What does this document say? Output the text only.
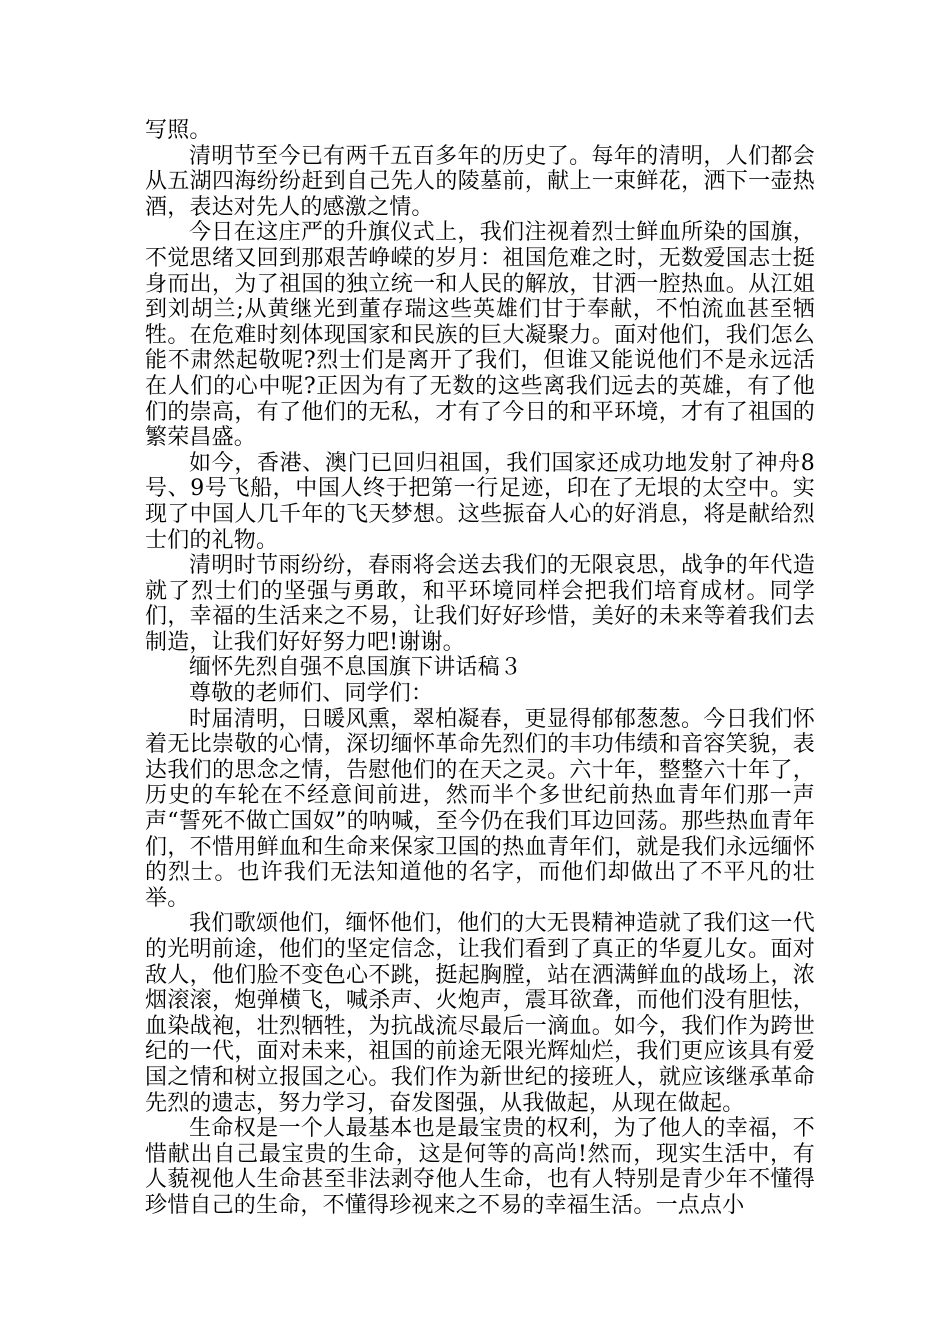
写照。

清明节至今已有两千五百多年的历史了。每年的清明，人们都会从五湖四海纷纷赶到自己先人的陵墓前，献上一束鲜花，洒下一壶热酒，表达对先人的感激之情。

今日在这庄严的升旗仪式上，我们注视着烈士鲜血所染的国旗，不觉思绪又回到那艰苦峥嵘的岁月：祖国危难之时，无数爱国志士挺身而出，为了祖国的独立统一和人民的解放，甘洒一腔热血。从江姐到刘胡兰;从黄继光到董存瑞这些英雄们甘于奉献，不怕流血甚至牺牲。在危难时刻体现国家和民族的巨大凝聚力。面对他们，我们怎么能不肃然起敬呢?烈士们是离开了我们，但谁又能说他们不是永远活在人们的心中呢?正因为有了无数的这些离我们远去的英雄，有了他们的崇高，有了他们的无私，才有了今日的和平环境，才有了祖国的繁荣昌盛。

如今，香港、澳门已回归祖国，我们国家还成功地发射了神舟8号、9号飞船，中国人终于把第一行足迹，印在了无垠的太空中。实现了中国人几千年的飞天梦想。这些振奋人心的好消息，将是献给烈士们的礼物。

清明时节雨纷纷，春雨将会送去我们的无限哀思，战争的年代造就了烈士们的坚强与勇敢，和平环境同样会把我们培育成材。同学们，幸福的生活来之不易，让我们好好珍惜，美好的未来等着我们去制造，让我们好好努力吧!谢谢。

缅怀先烈自强不息国旗下讲话稿３

尊敬的老师们、同学们：

时届清明，日暖风熏，翠柏凝春，更显得郁郁葱葱。今日我们怀着无比崇敬的心情，深切缅怀革命先烈们的丰功伟绩和音容笑貌，表达我们的思念之情，告慰他们的在天之灵。六十年，整整六十年了，历史的车轮在不经意间前进，然而半个多世纪前热血青年们那一声声“誓死不做亡国奴”的呐喊，至今仍在我们耳边回荡。那些热血青年们，不惜用鲜血和生命来保家卫国的热血青年们，就是我们永远缅怀的烈士。也许我们无法知道他的名字，而他们却做出了不平凡的壮举。

我们歌颂他们，缅怀他们，他们的大无畏精神造就了我们这一代的光明前途，他们的坚定信念，让我们看到了真正的华夏儿女。面对敌人，他们脸不变色心不跳，挺起胸膛，站在洒满鲜血的战场上，浓烟滚滚，炮弹横飞，喊杀声、火炮声，震耳欲聋，而他们没有胆怯，血染战袍，壮烈牺牲，为抗战流尽最后一滴血。如今，我们作为跨世纪的一代，面对未来，祖国的前途无限光辉灿烂，我们更应该具有爱国之情和树立报国之心。我们作为新世纪的接班人，就应该继承革命先烈的遗志，努力学习，奋发图强，从我做起，从现在做起。

生命权是一个人最基本也是最宝贵的权利，为了他人的幸福，不惜献出自己最宝贵的生命，这是何等的高尚!然而，现实生活中，有人藐视他人生命甚至非法剥夺他人生命，也有人特别是青少年不懂得珍惜自己的生命，不懂得珍视来之不易的幸福生活。一点点小
